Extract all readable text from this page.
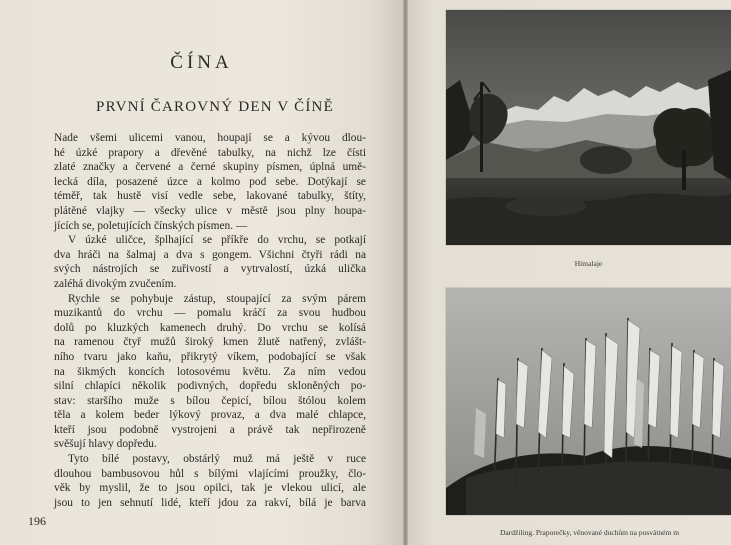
ČÍNA
PRVNÍ ČAROVNÝ DEN V ČÍNĚ
Nade všemi ulicemi vanou, houpají se a kývou dlou-
hé úzké prapory a dřevěné tabulky, na nichž lze čísti
zlaté značky a červené a černé skupiny písmen, úplná umě-
lecká díla, posazené úzce a kolmo pod sebe. Dotýkají se
téměř, tak hustě visí vedle sebe, lakované tabulky, štíty,
plátěné vlajky — všecky ulice v městě jsou plny houpa-
jících se, poletujících čínských písmen. —
V úzké uličce, šplhající se příkře do vrchu, se potkají
dva hráči na šalmaj a dva s gongem. Všichni čtyři rádi na
svých nástrojích se zuřivostí a vytrvalostí, úzká ulička
zaléhá divokým zvučením.
Rychle se pohybuje zástup, stoupající za svým párem
muzikantů do vrchu — pomalu kráčí za svou hudbou
dolů po kluzkých kamenech druhý. Do vrchu se kolísá
na ramenou čtyř mužů široký kmen žlutě natřený, zvlášt-
ního tvaru jako kaňu, přikrytý víkem, podobající se však
na šikmých koncích lotosovému květu. Za ním vedou
silní chlapíci několik podivných, dopředu skloněných po-
stav: staršího muže s bílou čepicí, bílou štólou kolem
těla a kolem beder lýkový provaz, a dva malé chlapce,
kteří jsou podobně vystrojeni a právě tak nepřirozeně
svěšují hlavy dopředu.
Tyto bílé postavy, obstárlý muž má ještě v ruce
dlouhou bambusovou hůl s bílými vlajícími proužky, člo-
věk by myslil, že to jsou opilci, tak je vlekou ulicí, ale
jsou to jen sehnutí lidé, kteří jdou za rakví, bílá je barva
196
Himalaje
Dardžiling. Praporečky, věnované duchům na posvátném m
